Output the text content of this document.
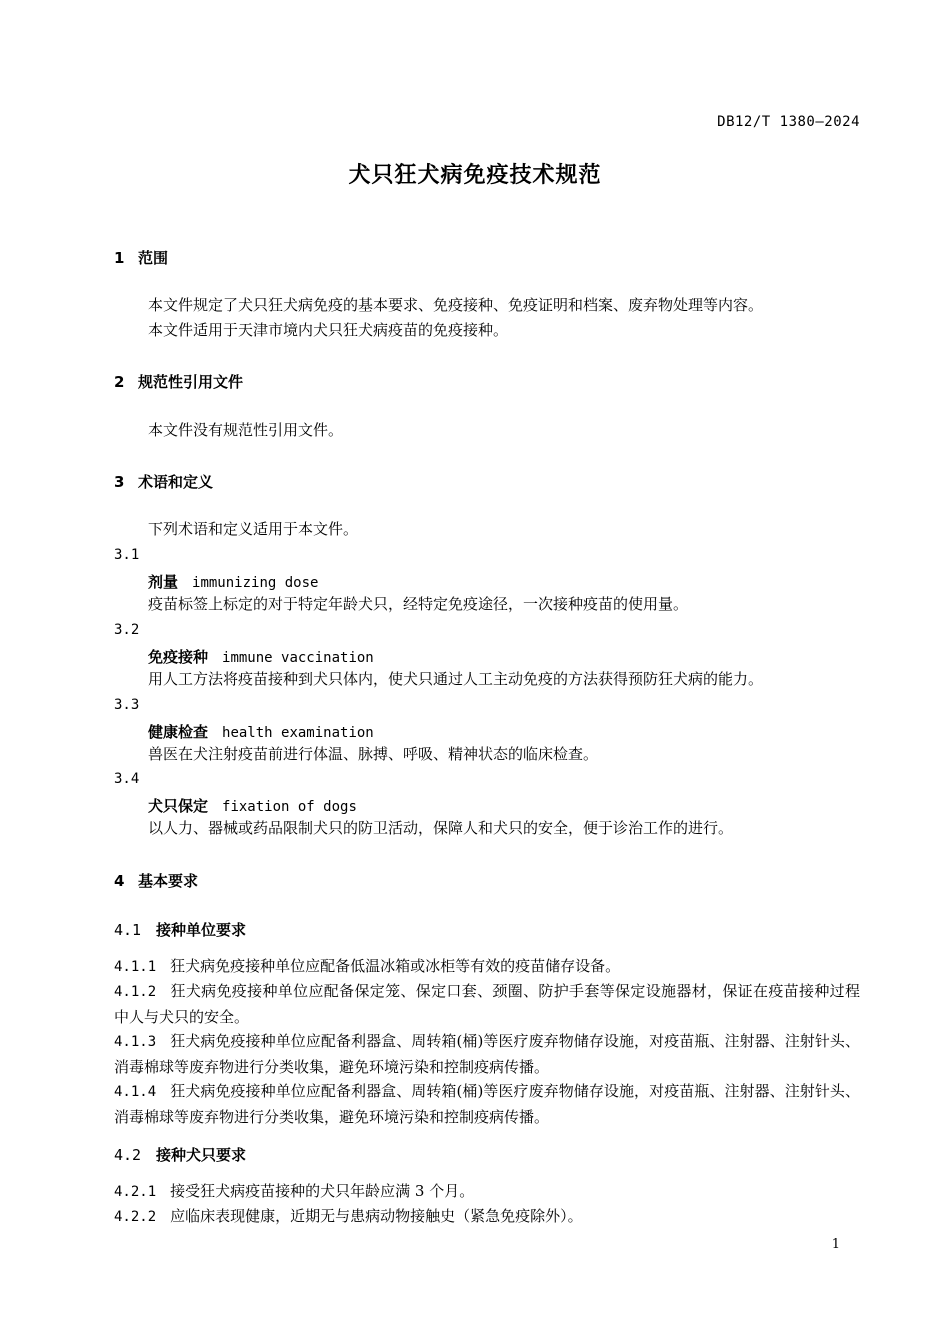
DB12/T 1380—2024
犬只狂犬病免疫技术规范
1 范围
本文件规定了犬只狂犬病免疫的基本要求、免疫接种、免疫证明和档案、废弃物处理等内容。
本文件适用于天津市境内犬只狂犬病疫苗的免疫接种。
2 规范性引用文件
本文件没有规范性引用文件。
3 术语和定义
下列术语和定义适用于本文件。
3.1
剂量 immunizing dose
疫苗标签上标定的对于特定年龄犬只，经特定免疫途径，一次接种疫苗的使用量。
3.2
免疫接种 immune vaccination
用人工方法将疫苗接种到犬只体内，使犬只通过人工主动免疫的方法获得预防狂犬病的能力。
3.3
健康检查 health examination
兽医在犬注射疫苗前进行体温、脉搏、呼吸、精神状态的临床检查。
3.4
犬只保定 fixation of dogs
以人力、器械或药品限制犬只的防卫活动，保障人和犬只的安全，便于诊治工作的进行。
4 基本要求
4.1 接种单位要求
4.1.1 狂犬病免疫接种单位应配备低温冰箱或冰柜等有效的疫苗储存设备。
4.1.2 狂犬病免疫接种单位应配备保定笼、保定口套、颈圈、防护手套等保定设施器材，保证在疫苗接种过程中人与犬只的安全。
4.1.3 狂犬病免疫接种单位应配备利器盒、周转箱(桶)等医疗废弃物储存设施，对疫苗瓶、注射器、注射针头、消毒棉球等废弃物进行分类收集，避免环境污染和控制疫病传播。
4.1.4 狂犬病免疫接种单位应配备利器盒、周转箱(桶)等医疗废弃物储存设施，对疫苗瓶、注射器、注射针头、消毒棉球等废弃物进行分类收集，避免环境污染和控制疫病传播。
4.2 接种犬只要求
4.2.1 接受狂犬病疫苗接种的犬只年龄应满 3 个月。
4.2.2 应临床表现健康，近期无与患病动物接触史（紧急免疫除外）。
1
